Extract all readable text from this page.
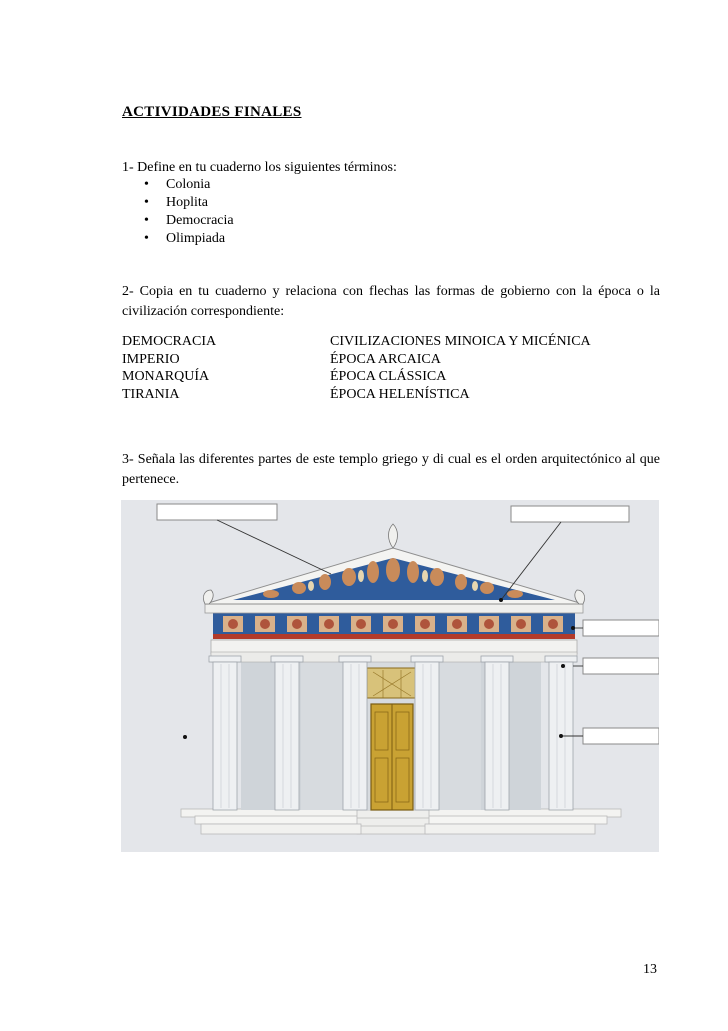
ACTIVIDADES FINALES
1- Define en tu cuaderno los siguientes términos:
• Colonia
• Hoplita
• Democracia
• Olimpiada
2- Copia en tu cuaderno y relaciona con flechas las formas de gobierno con la época o la civilización correspondiente:
DEMOCRACIA
IMPERIO
MONARQUÍA
TIRANIA
CIVILIZACIONES MINOICA Y MICÉNICA
ÉPOCA ARCAICA
ÉPOCA CLÁSSICA
ÉPOCA HELENÍSTICA
3- Señala las diferentes partes de este templo griego y di cual es el orden arquitectónico al que pertenece.
13
